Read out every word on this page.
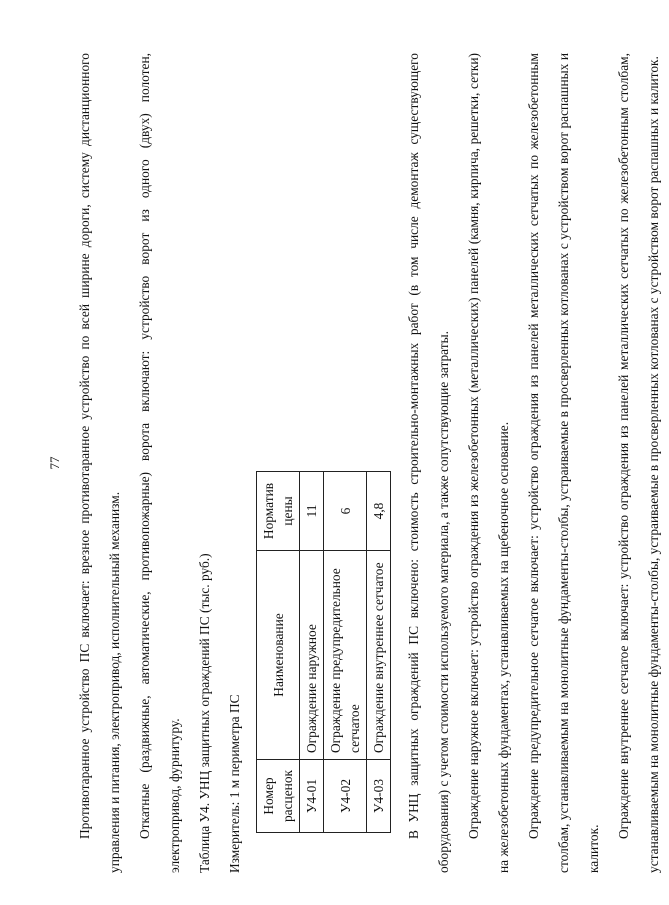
77	Противотаранное устройство ПС включает: врезное противотаранное устройство по всей ширине дороги, систему дистанционного управления и питания, электропривод, исполнительный механизм.	Откатные (раздвижные, автоматические, противопожарные) ворота включают: устройство ворот из одного (двух) полотен, электропривод, фурнитуру.	Таблица У4. УНЦ защитных ограждений ПС (тыс. руб.)	Измеритель: 1 м периметра ПС	Номер расценок	Наименование	Норматив цены
У4-01	Ограждение наружное	11
У4-02	Ограждение предупредительное сетчатое	6
У4-03	Ограждение внутреннее сетчатое	4,8	В УНЦ защитных ограждений ПС включено: стоимость строительно-монтажных работ (в том числе демонтаж существующего оборудования) с учетом стоимости используемого материала, а также сопутствующие затраты.	Ограждение наружное включает: устройство ограждения из железобетонных (металлических) панелей (камня, кирпича, решетки, сетки) на железобетонных фундаментах, устанавливаемых на щебеночное основание.	Ограждение предупредительное сетчатое включает: устройство ограждения из панелей металлических сетчатых по железобетонным столбам, устанавливаемым на монолитные фундаменты-столбы, устраиваемые в просверленных котлованах с устройством ворот распашных и калиток.

Ограждение внутреннее сетчатое включает: устройство ограждения из панелей металлических сетчатых по железобетонным столбам, устанавливаемым на монолитные фундаменты-столбы, устраиваемые в просверленных котлованах с устройством ворот распашных и калиток.
